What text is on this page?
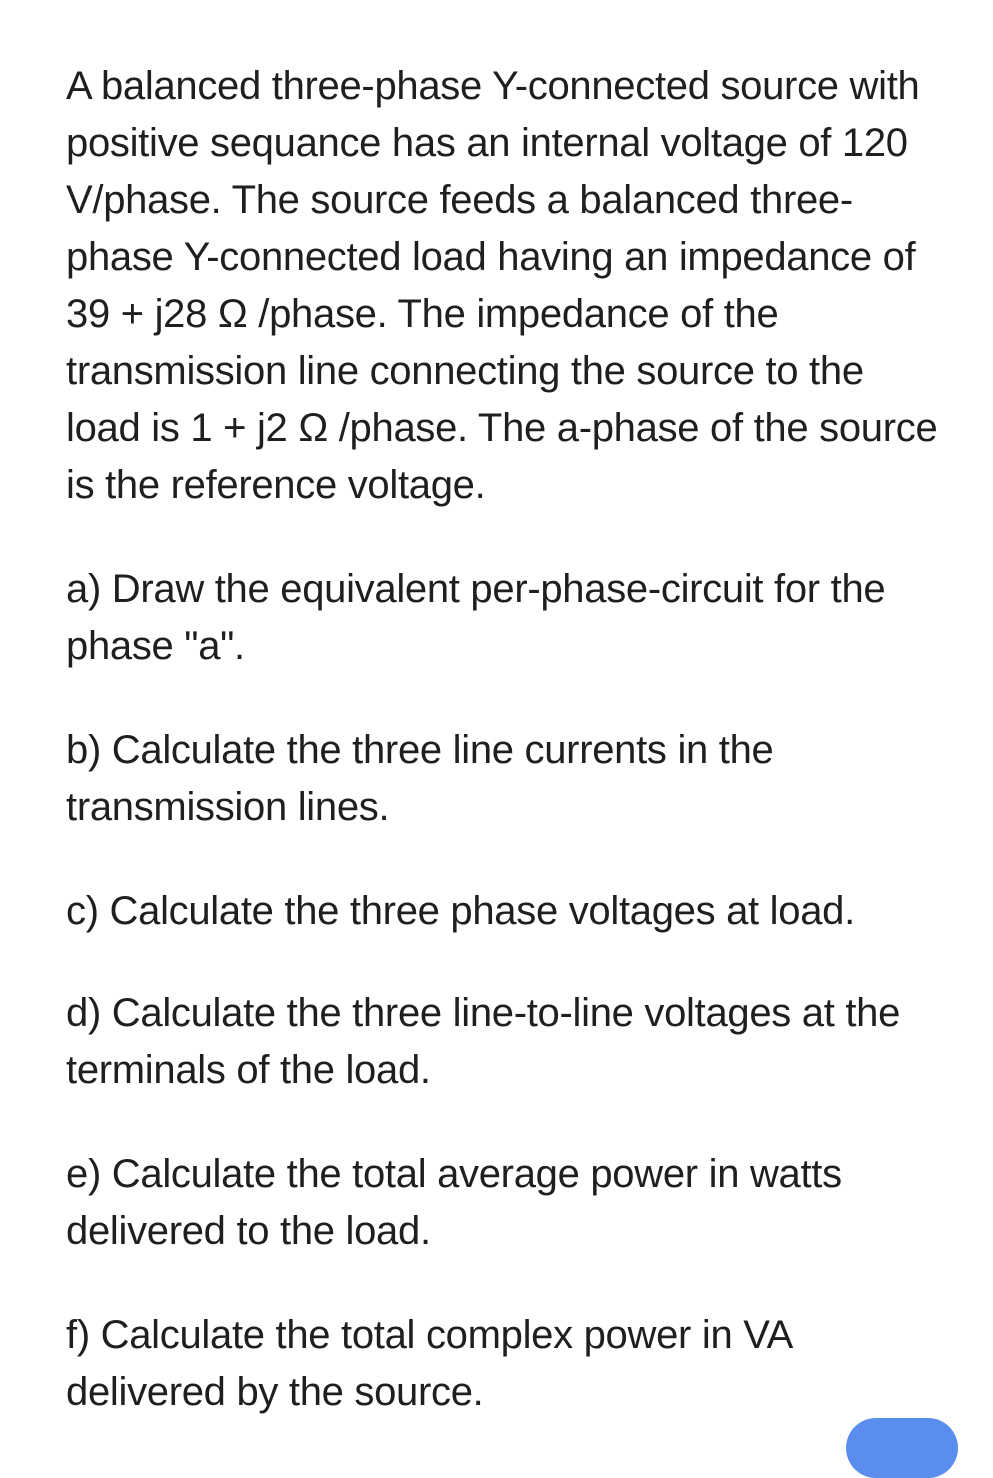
A balanced three-phase Y-connected source with positive sequance has an internal voltage of 120 V/phase. The source feeds a balanced three-phase Y-connected load having an impedance of 39 + j28 Ω /phase. The impedance of the transmission line connecting the source to the load is 1 + j2 Ω /phase. The a-phase of the source is the reference voltage.

a) Draw the equivalent per-phase-circuit for the phase "a".

b) Calculate the three line currents in the transmission lines.

c) Calculate the three phase voltages at load.

d) Calculate the three line-to-line voltages at the terminals of the load.

e) Calculate the total average power in watts delivered to the load.

f) Calculate the total complex power in VA delivered by the source.
